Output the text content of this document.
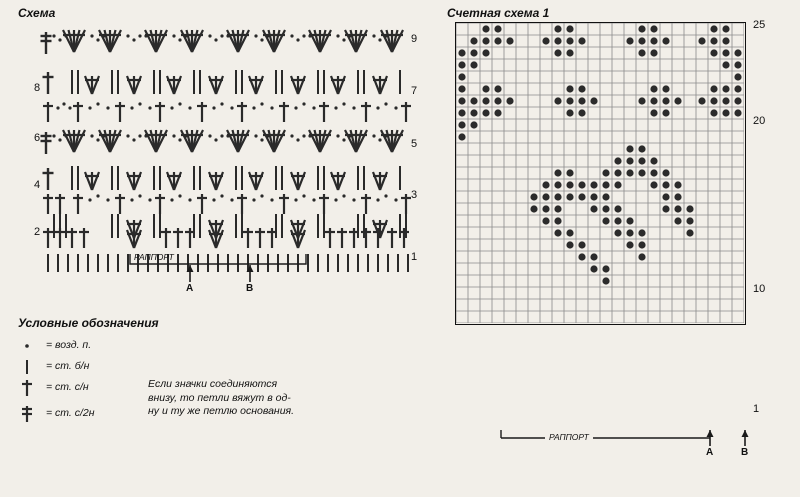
Схема
8
6
4
2
9
7
5
3
1
РАППОРТ
А	В
Условные обозначения
= возд. п.
= ст. б/н
= ст. с/н	Если значки соединяются
внизу, то петли вяжут в од-
ну и ту же петлю основания.
= ст. с/2н
Счетная схема 1
25
20
10
1
РАППОРТ
А	В
